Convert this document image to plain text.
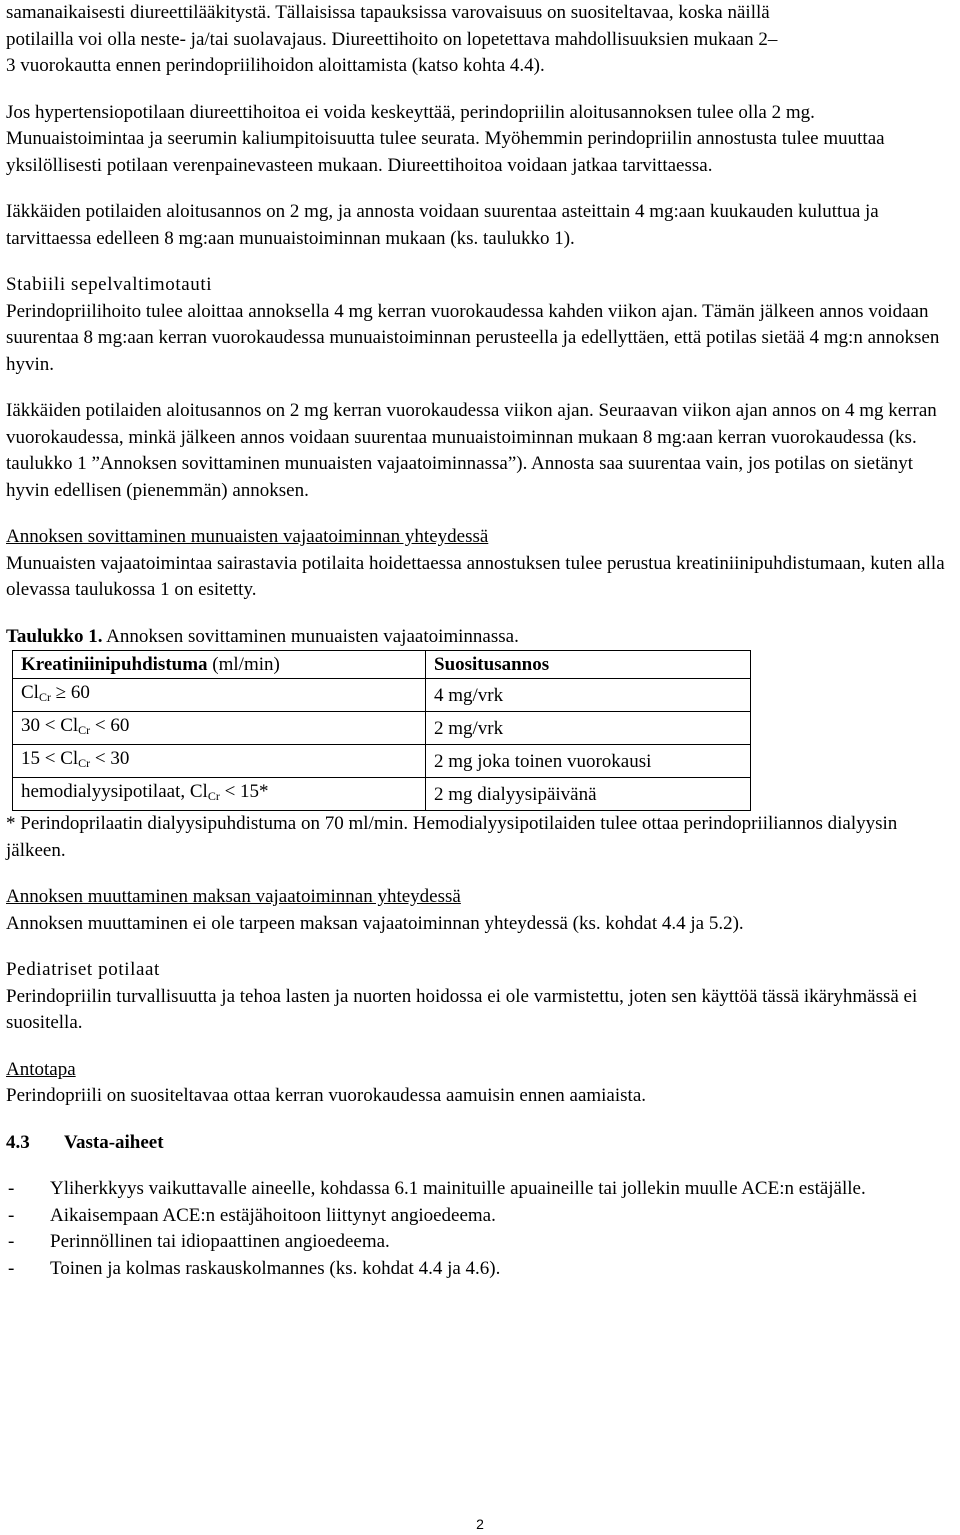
samanaikaisesti diureettilääkitystä. Tällaisissa tapauksissa varovaisuus on suositeltavaa, koska näillä

potilailla voi olla neste- ja/tai suolavajaus. Diureettihoito on lopetettava mahdollisuuksien mukaan 2–

3 vuorokautta ennen perindopriilihoidon aloittamista (katso kohta 4.4).

Jos hypertensiopotilaan diureettihoitoa ei voida keskeyttää, perindopriilin aloitusannoksen tulee olla 2 mg. Munuaistoimintaa ja seerumin kaliumpitoisuutta tulee seurata. Myöhemmin perindopriilin annostusta tulee muuttaa yksilöllisesti potilaan verenpainevasteen mukaan. Diureettihoitoa voidaan jatkaa tarvittaessa.

Iäkkäiden potilaiden aloitusannos on 2 mg, ja annosta voidaan suurentaa asteittain 4 mg:aan kuukauden kuluttua ja tarvittaessa edelleen 8 mg:aan munuaistoiminnan mukaan (ks. taulukko 1).

Stabiili sepelvaltimotauti

Perindopriilihoito tulee aloittaa annoksella 4 mg kerran vuorokaudessa kahden viikon ajan. Tämän jälkeen annos voidaan suurentaa 8 mg:aan kerran vuorokaudessa munuaistoiminnan perusteella ja edellyttäen, että potilas sietää 4 mg:n annoksen hyvin.

Iäkkäiden potilaiden aloitusannos on 2 mg kerran vuorokaudessa viikon ajan. Seuraavan viikon ajan annos on 4 mg kerran vuorokaudessa, minkä jälkeen annos voidaan suurentaa munuaistoiminnan mukaan 8 mg:aan kerran vuorokaudessa (ks. taulukko 1 ”Annoksen sovittaminen munuaisten vajaatoiminnassa”). Annosta saa suurentaa vain, jos potilas on sietänyt hyvin edellisen (pienemmän) annoksen.

Annoksen sovittaminen munuaisten vajaatoiminnan yhteydessä

Munuaisten vajaatoimintaa sairastavia potilaita hoidettaessa annostuksen tulee perustua kreatiniinipuhdistumaan, kuten alla olevassa taulukossa 1 on esitetty.

Taulukko 1. Annoksen sovittaminen munuaisten vajaatoiminnassa.

Kreatiniinipuhdistuma (ml/min)	Suositusannos
$Cl_{Cr} \ge 60$	4 mg/vrk
$30 < Cl_{Cr} < 60$	2 mg/vrk
$15 < Cl_{Cr} < 30$	2 mg joka toinen vuorokausi
hemodialyysipotilaat, $Cl_{Cr} < 15*$	2 mg dialyysipäivänä

* Perindoprilaatin dialyysipuhdistuma on 70 ml/min. Hemodialyysipotilaiden tulee ottaa perindopriiliannos dialyysin jälkeen.

Annoksen muuttaminen maksan vajaatoiminnan yhteydessä

Annoksen muuttaminen ei ole tarpeen maksan vajaatoiminnan yhteydessä (ks. kohdat 4.4 ja 5.2).

Pediatriset potilaat

Perindopriilin turvallisuutta ja tehoa lasten ja nuorten hoidossa ei ole varmistettu, joten sen käyttöä tässä ikäryhmässä ei suositella.

Antotapa

Perindopriili on suositeltavaa ottaa kerran vuorokaudessa aamuisin ennen aamiaista.

4.3 Vasta-aiheet

- Yliherkkyys vaikuttavalle aineelle, kohdassa 6.1 mainituille apuaineille tai jollekin muulle ACE:n estäjälle.
- Aikaisempaan ACE:n estäjähoitoon liittynyt angioedeema.
- Perinnöllinen tai idiopaattinen angioedeema.
- Toinen ja kolmas raskauskolmannes (ks. kohdat 4.4 ja 4.6).
2
